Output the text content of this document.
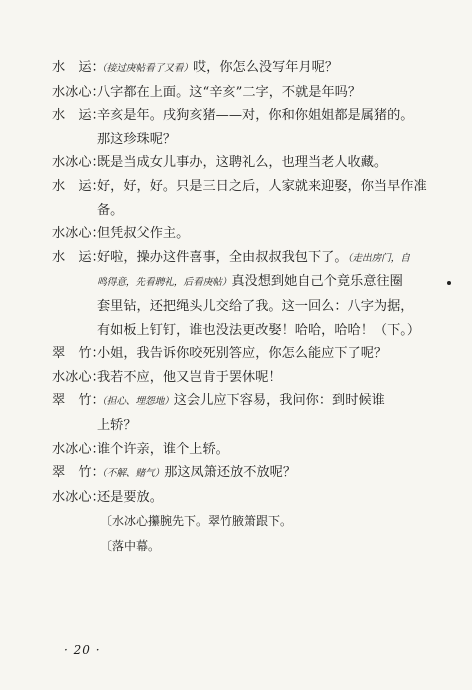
水　运：
（接过庚帖看了又看）哎，你怎么没写年月呢？
水冰心：
八字都在上面。这“辛亥”二字，不就是年吗？
水　运：
辛亥是年。戌狗亥猪——对，你和你姐姐都是属猪的。
那这珍珠呢？
水冰心：
既是当成女儿事办，这聘礼么，也理当老人收藏。
水　运：
好，好，好。只是三日之后，人家就来迎娶，你当早作准
备。
水冰心：
但凭叔父作主。
水　运：
好啦，操办这件喜事，全由叔叔我包下了。（走出房门，自
鸣得意，先看聘礼，后看庚帖）真没想到她自己个竟乐意往圈
套里钻，还把绳头儿交给了我。这一回么：八字为据，
有如板上钉钉，谁也没法更改娶！哈哈，哈哈！（下。）
翠　竹：
小姐，我告诉你咬死别答应，你怎么能应下了呢？
水冰心：
我若不应，他又岂肯于罢休呢！
翠　竹：
（担心、埋怨地）这会儿应下容易，我问你：到时候谁
上轿？
水冰心：
谁个许亲，谁个上轿。
翠　竹：
（不解、赌气）那这凤箫还放不放呢？
水冰心：
还是要放。
〔水冰心攥腕先下。翠竹腋箫跟下。
〔落中幕。
· 20 ·
